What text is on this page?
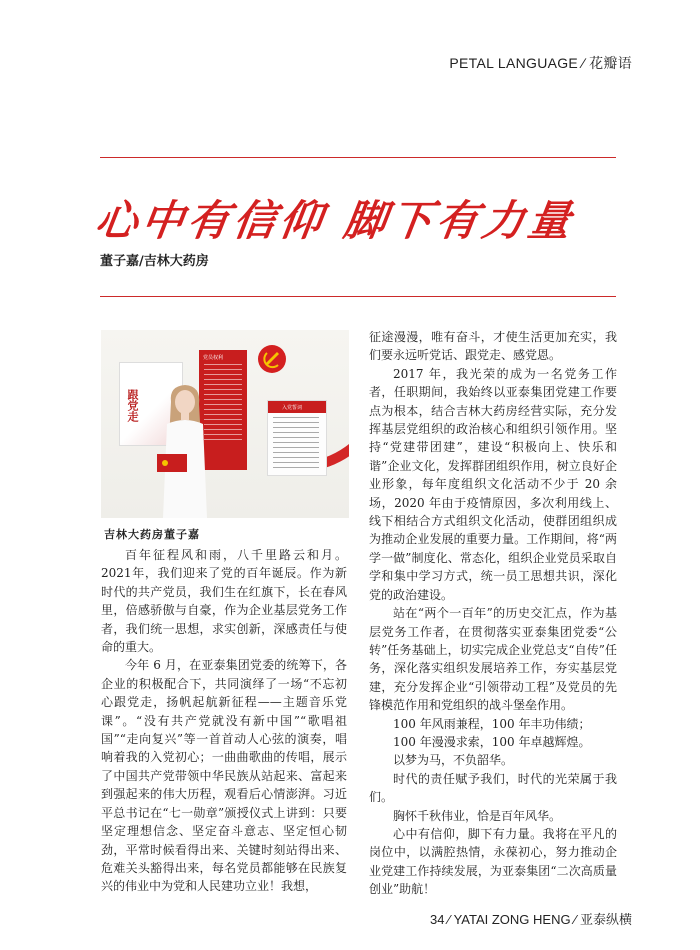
PETAL LANGUAGE ∕ 花瓣语
心中有信仰 脚下有力量
董子嘉/吉林大药房
跟党走
党员权利
入党誓词
吉林大药房董子嘉

百年征程风和雨，八千里路云和月。2021年，我们迎来了党的百年诞辰。作为新时代的共产党员，我们生在红旗下，长在春风里，倍感骄傲与自豪，作为企业基层党务工作者，我们统一思想，求实创新，深感责任与使命的重大。

今年 6 月，在亚泰集团党委的统筹下，各企业的积极配合下，共同演绎了一场“不忘初心跟党走，扬帆起航新征程——主题音乐党课”。“没有共产党就没有新中国”“歌唱祖国”“走向复兴”等一首首动人心弦的演奏，唱响着我的入党初心；一曲曲歌曲的传唱，展示了中国共产党带领中华民族从站起来、富起来到强起来的伟大历程，观看后心情澎湃。习近平总书记在“七一勋章”颁授仪式上讲到：只要坚定理想信念、坚定奋斗意志、坚定恒心韧劲，平常时候看得出来、关键时刻站得出来、危难关头豁得出来，每名党员都能够在民族复兴的伟业中为党和人民建功立业！我想，

征途漫漫，唯有奋斗，才使生活更加充实，我们要永远听党话、跟党走、感党恩。

2017 年，我光荣的成为一名党务工作者，任职期间，我始终以亚泰集团党建工作要点为根本，结合吉林大药房经营实际，充分发挥基层党组织的政治核心和组织引领作用。坚持“党建带团建”，建设“积极向上、快乐和谐”企业文化，发挥群团组织作用，树立良好企业形象，每年度组织文化活动不少于 20 余场，2020 年由于疫情原因，多次利用线上、线下相结合方式组织文化活动，使群团组织成为推动企业发展的重要力量。工作期间，将“两学一做”制度化、常态化，组织企业党员采取自学和集中学习方式，统一员工思想共识，深化党的政治建设。

站在“两个一百年”的历史交汇点，作为基层党务工作者，在贯彻落实亚泰集团党委“公转”任务基础上，切实完成企业党总支“自传”任务，深化落实组织发展培养工作，夯实基层党建，充分发挥企业“引领带动工程”及党员的先锋模范作用和党组织的战斗堡垒作用。

100 年风雨兼程，100 年丰功伟绩；

100 年漫漫求索，100 年卓越辉煌。

以梦为马，不负韶华。

时代的责任赋予我们，时代的光荣属于我们。

胸怀千秋伟业，恰是百年风华。

心中有信仰，脚下有力量。我将在平凡的岗位中，以满腔热情，永葆初心，努力推动企业党建工作持续发展，为亚泰集团“二次高质量创业”助航！

34 ∕ YATAI ZONG HENG ∕ 亚泰纵横
